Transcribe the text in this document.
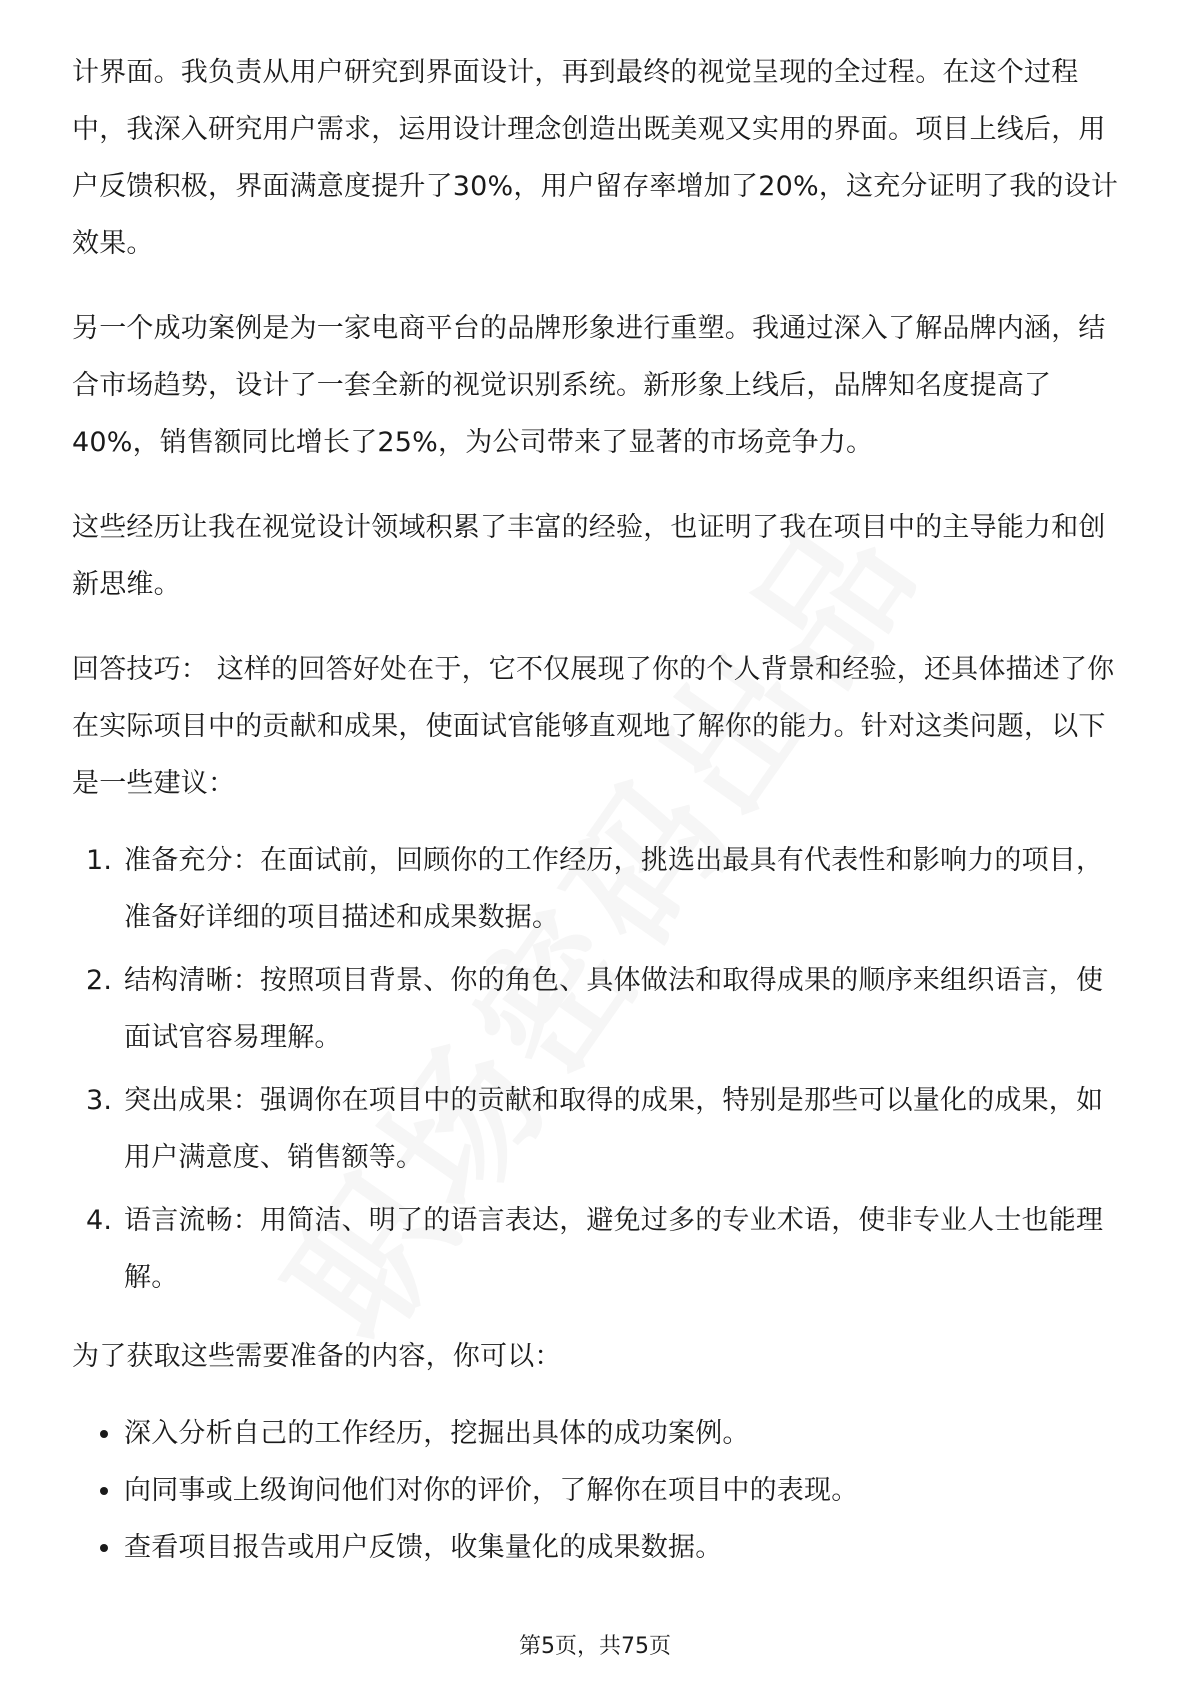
计界面。我负责从用户研究到界面设计，再到最终的视觉呈现的全过程。在这个过程中，我深入研究用户需求，运用设计理念创造出既美观又实用的界面。项目上线后，用户反馈积极，界面满意度提升了30%，用户留存率增加了20%，这充分证明了我的设计效果。

另一个成功案例是为一家电商平台的品牌形象进行重塑。我通过深入了解品牌内涵，结合市场趋势，设计了一套全新的视觉识别系统。新形象上线后，品牌知名度提高了40%，销售额同比增长了25%，为公司带来了显著的市场竞争力。

这些经历让我在视觉设计领域积累了丰富的经验，也证明了我在项目中的主导能力和创新思维。

回答技巧： 这样的回答好处在于，它不仅展现了你的个人背景和经验，还具体描述了你在实际项目中的贡献和成果，使面试官能够直观地了解你的能力。针对这类问题，以下是一些建议：

1. 准备充分：在面试前，回顾你的工作经历，挑选出最具有代表性和影响力的项目，准备好详细的项目描述和成果数据。
2. 结构清晰：按照项目背景、你的角色、具体做法和取得成果的顺序来组织语言，使面试官容易理解。
3. 突出成果：强调你在项目中的贡献和取得的成果，特别是那些可以量化的成果，如用户满意度、销售额等。
4. 语言流畅：用简洁、明了的语言表达，避免过多的专业术语，使非专业人士也能理解。

为了获取这些需要准备的内容，你可以：

深入分析自己的工作经历，挖掘出具体的成功案例。
向同事或上级询问他们对你的评价，了解你在项目中的表现。
查看项目报告或用户反馈，收集量化的成果数据。
第5页，共75页
